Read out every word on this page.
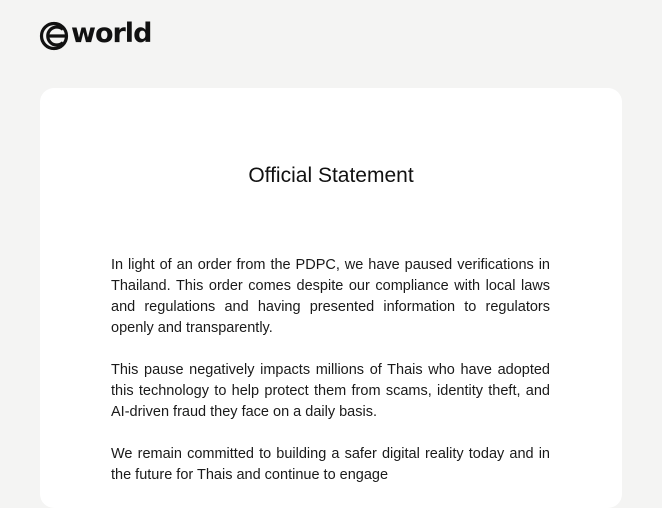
world
Official Statement

In light of an order from the PDPC, we have paused verifications in Thailand. This order comes despite our compliance with local laws and regulations and having presented information to regulators openly and transparently.

This pause negatively impacts millions of Thais who have adopted this technology to help protect them from scams, identity theft, and AI-driven fraud they face on a daily basis.

We remain committed to building a safer digital reality today and in the future for Thais and continue to engage
